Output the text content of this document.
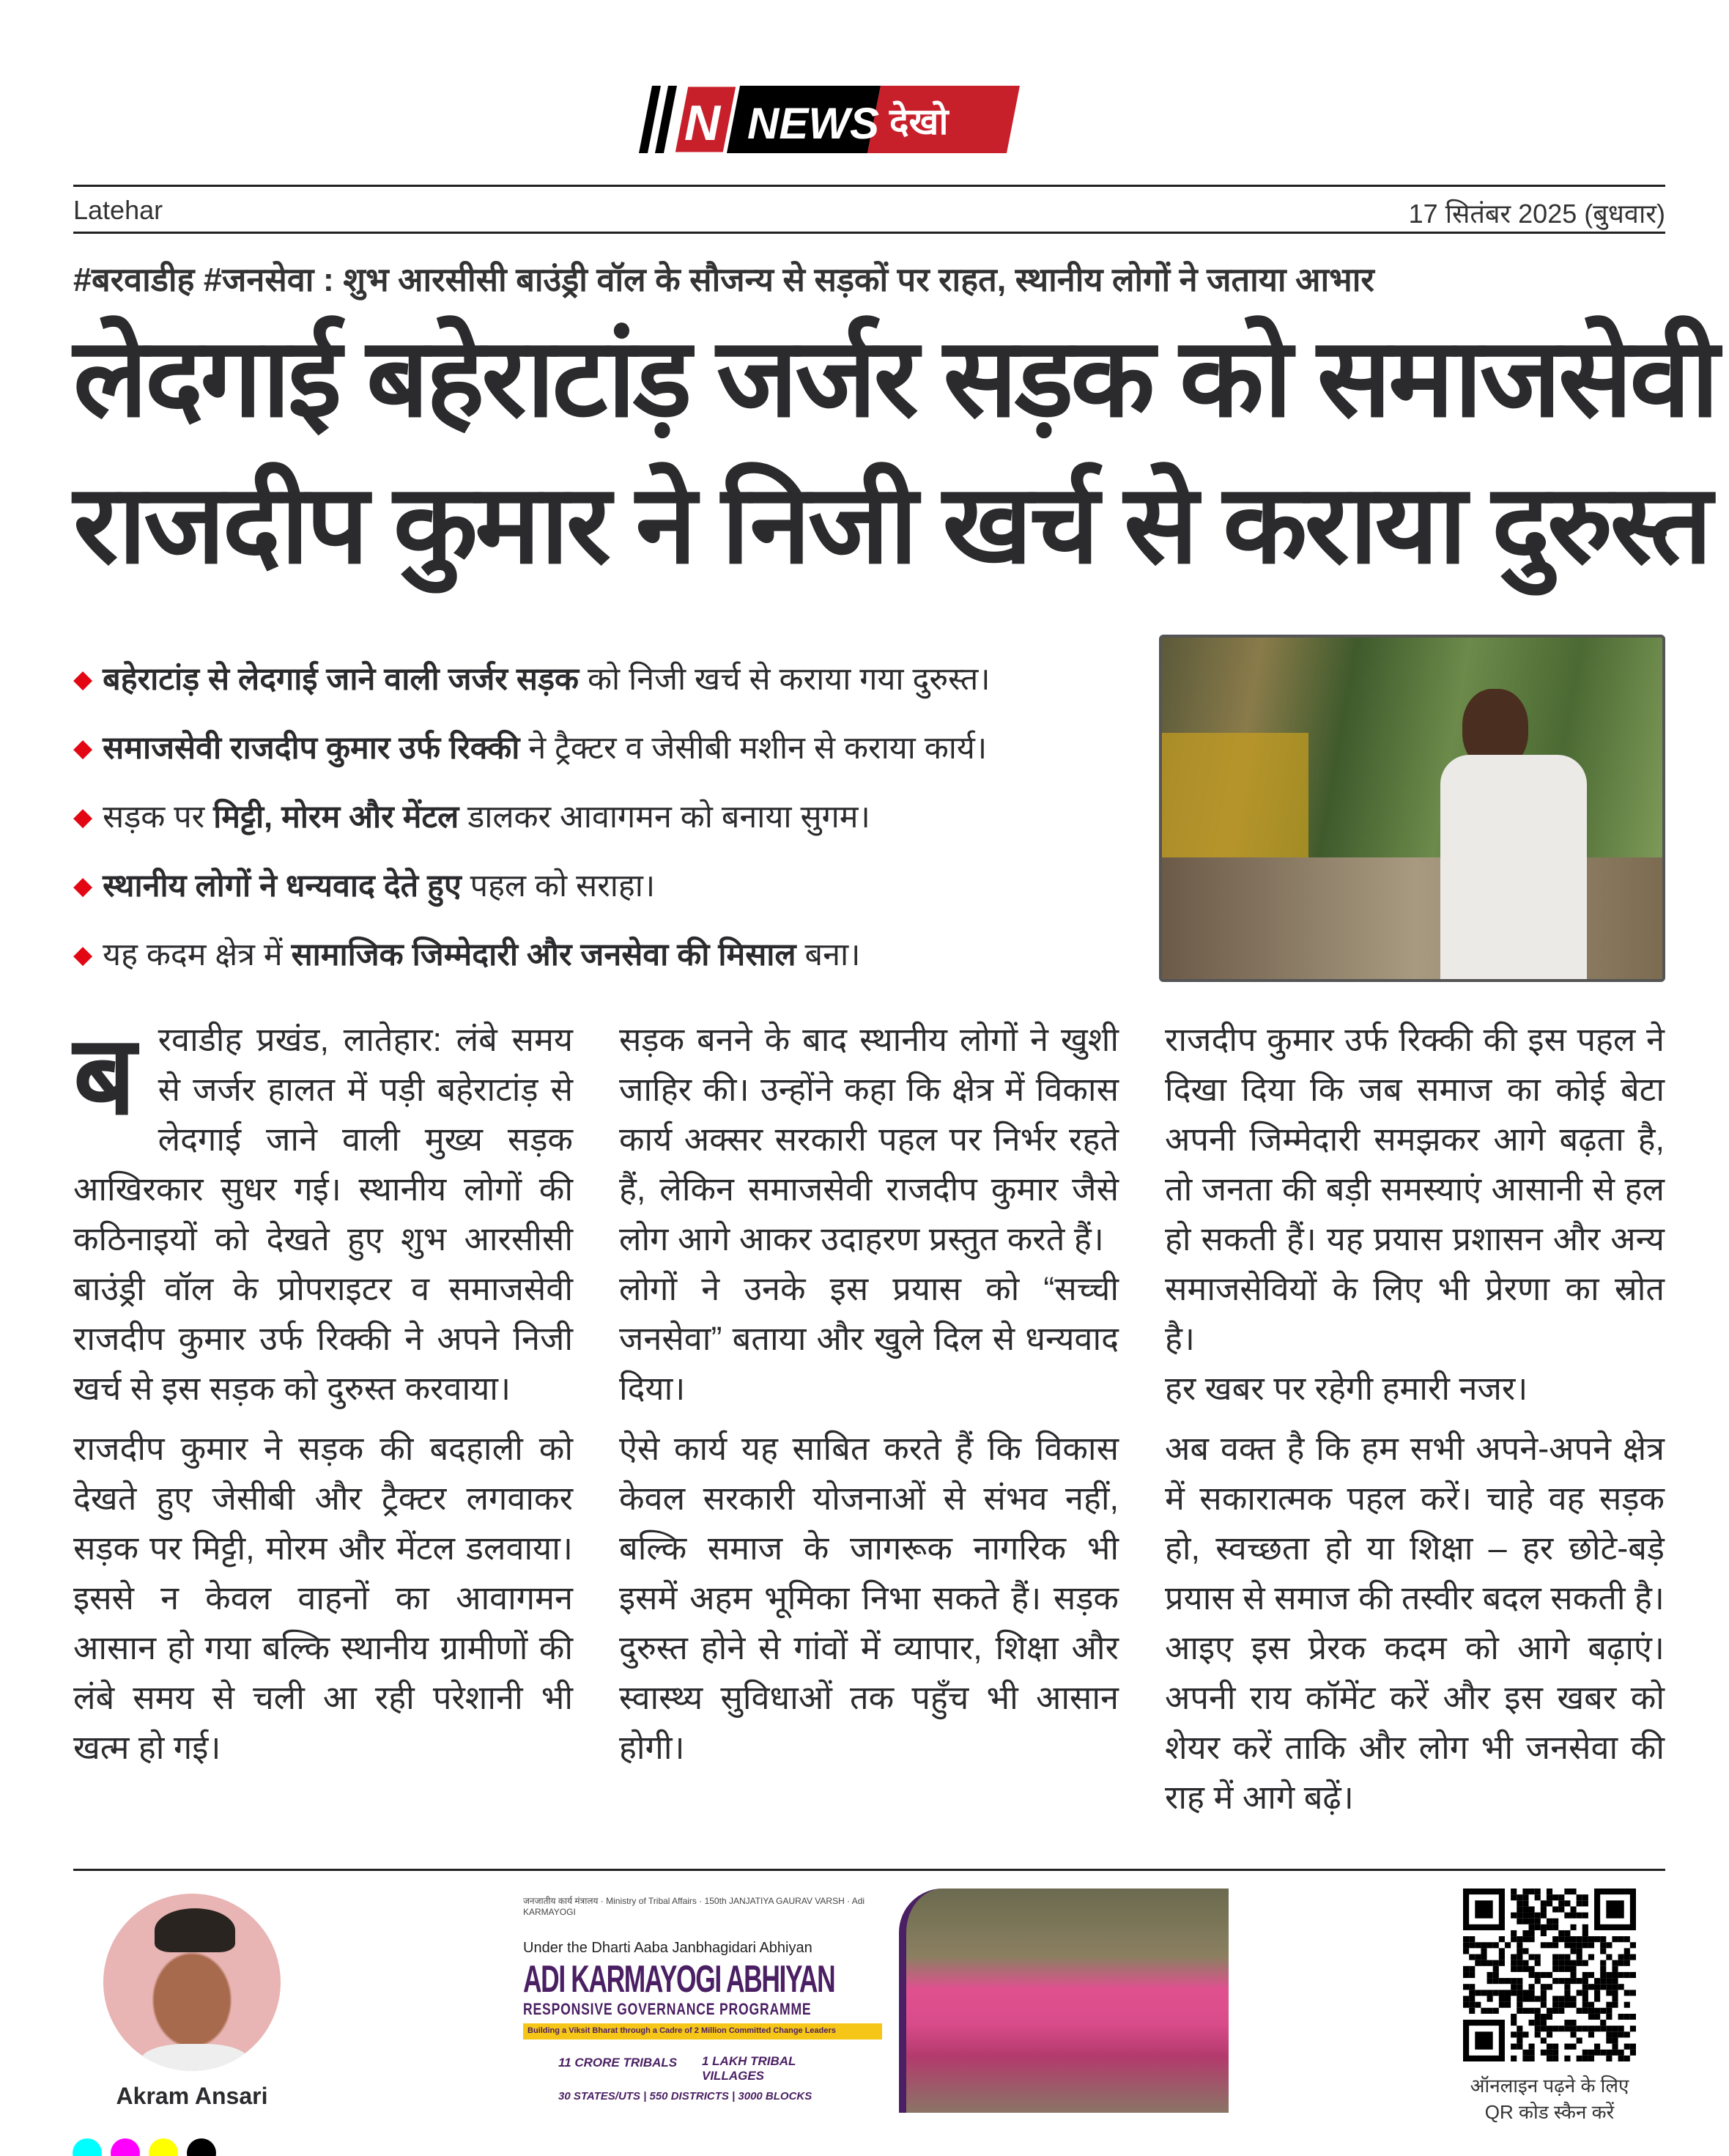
N NEWS देखो
Latehar	17 सितंबर 2025 (बुधवार)
#बरवाडीह #जनसेवा : शुभ आरसीसी बाउंड्री वॉल के सौजन्य से सड़कों पर राहत, स्थानीय लोगों ने जताया आभार
लेदगाई बहेराटांड़ जर्जर सड़क को समाजसेवी
राजदीप कुमार ने निजी खर्च से कराया दुरुस्त
◆ बहेराटांड़ से लेदगाई जाने वाली जर्जर सड़क को निजी खर्च से कराया गया दुरुस्त।
◆ समाजसेवी राजदीप कुमार उर्फ रिक्की ने ट्रैक्टर व जेसीबी मशीन से कराया कार्य।
◆ सड़क पर मिट्टी, मोरम और मेंटल डालकर आवागमन को बनाया सुगम।
◆ स्थानीय लोगों ने धन्यवाद देते हुए पहल को सराहा।
◆ यह कदम क्षेत्र में सामाजिक जिम्मेदारी और जनसेवा की मिसाल बना।

बरवाडीह प्रखंड, लातेहार: लंबे समय से जर्जर हालत में पड़ी बहेराटांड़ से लेदगाई जाने वाली मुख्य सड़क आखिरकार सुधर गई। स्थानीय लोगों की कठिनाइयों को देखते हुए शुभ आरसीसी बाउंड्री वॉल के प्रोपराइटर व समाजसेवी राजदीप कुमार उर्फ रिक्की ने अपने निजी खर्च से इस सड़क को दुरुस्त करवाया।

राजदीप कुमार ने सड़क की बदहाली को देखते हुए जेसीबी और ट्रैक्टर लगवाकर सड़क पर मिट्टी, मोरम और मेंटल डलवाया। इससे न केवल वाहनों का आवागमन आसान हो गया बल्कि स्थानीय ग्रामीणों की लंबे समय से चली आ रही परेशानी भी खत्म हो गई।

सड़क बनने के बाद स्थानीय लोगों ने खुशी जाहिर की। उन्होंने कहा कि क्षेत्र में विकास कार्य अक्सर सरकारी पहल पर निर्भर रहते हैं, लेकिन समाजसेवी राजदीप कुमार जैसे लोग आगे आकर उदाहरण प्रस्तुत करते हैं।

लोगों ने उनके इस प्रयास को “सच्ची जनसेवा” बताया और खुले दिल से धन्यवाद दिया।

ऐसे कार्य यह साबित करते हैं कि विकास केवल सरकारी योजनाओं से संभव नहीं, बल्कि समाज के जागरूक नागरिक भी इसमें अहम भूमिका निभा सकते हैं। सड़क दुरुस्त होने से गांवों में व्यापार, शिक्षा और स्वास्थ्य सुविधाओं तक पहुँच भी आसान होगी।

राजदीप कुमार उर्फ रिक्की की इस पहल ने दिखा दिया कि जब समाज का कोई बेटा अपनी जिम्मेदारी समझकर आगे बढ़ता है, तो जनता की बड़ी समस्याएं आसानी से हल हो सकती हैं। यह प्रयास प्रशासन और अन्य समाजसेवियों के लिए भी प्रेरणा का स्रोत है।

हर खबर पर रहेगी हमारी नजर।

अब वक्त है कि हम सभी अपने-अपने क्षेत्र में सकारात्मक पहल करें। चाहे वह सड़क हो, स्वच्छता हो या शिक्षा – हर छोटे-बड़े प्रयास से समाज की तस्वीर बदल सकती है। आइए इस प्रेरक कदम को आगे बढ़ाएं। अपनी राय कॉमेंट करें और इस खबर को शेयर करें ताकि और लोग भी जनसेवा की राह में आगे बढ़ें।

Akram Ansari
जनजातीय कार्य मंत्रालय · Ministry of Tribal Affairs · 150th JANJATIYA GAURAV VARSH · Adi KARMAYOGI
Under the Dharti Aaba Janbhagidari Abhiyan
ADI KARMAYOGI ABHIYAN
RESPONSIVE GOVERNANCE PROGRAMME
Building a Viksit Bharat through a Cadre of 2 Million Committed Change Leaders
11 CRORE TRIBALS 1 LAKH TRIBAL VILLAGES
30 STATES/UTS | 550 DISTRICTS | 3000 BLOCKS	ऑनलाइन पढ़ने के लिए
QR कोड स्कैन करें
